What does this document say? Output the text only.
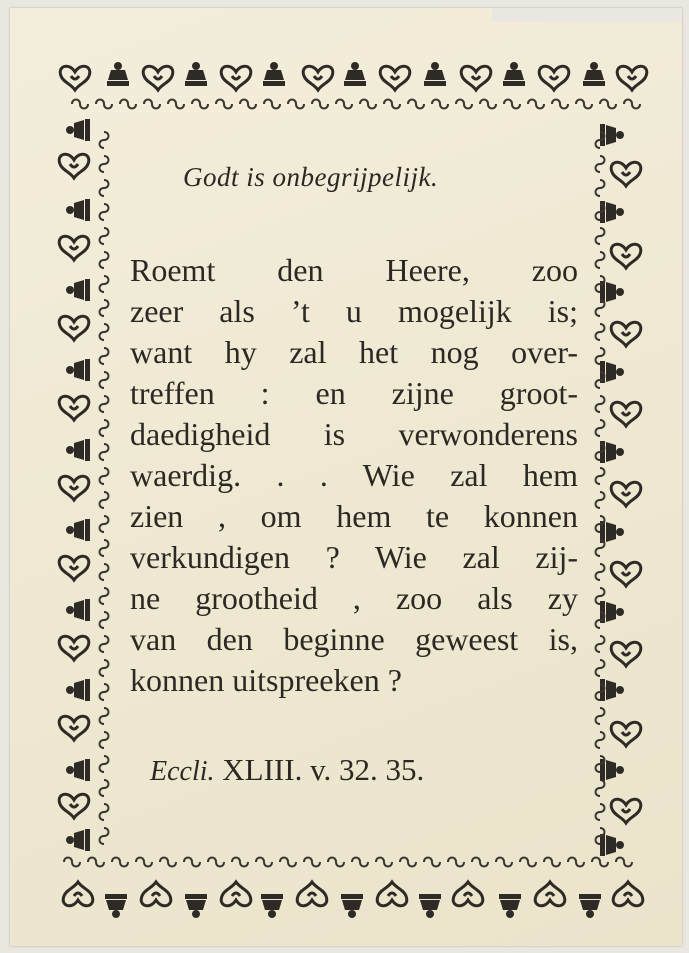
Godt is onbegrijpelijk.
Roemt den Heere, zoo
zeer als ’t u mogelijk is;
want hy zal het nog over-
treffen : en zijne groot-
daedigheid is verwonderens
waerdig. . . Wie zal hem
zien , om hem te konnen
verkundigen ? Wie zal zij-
ne grootheid , zoo als zy
van den beginne geweest is,
konnen uitspreeken ?
Eccli. XLIII. v. 32. 35.
